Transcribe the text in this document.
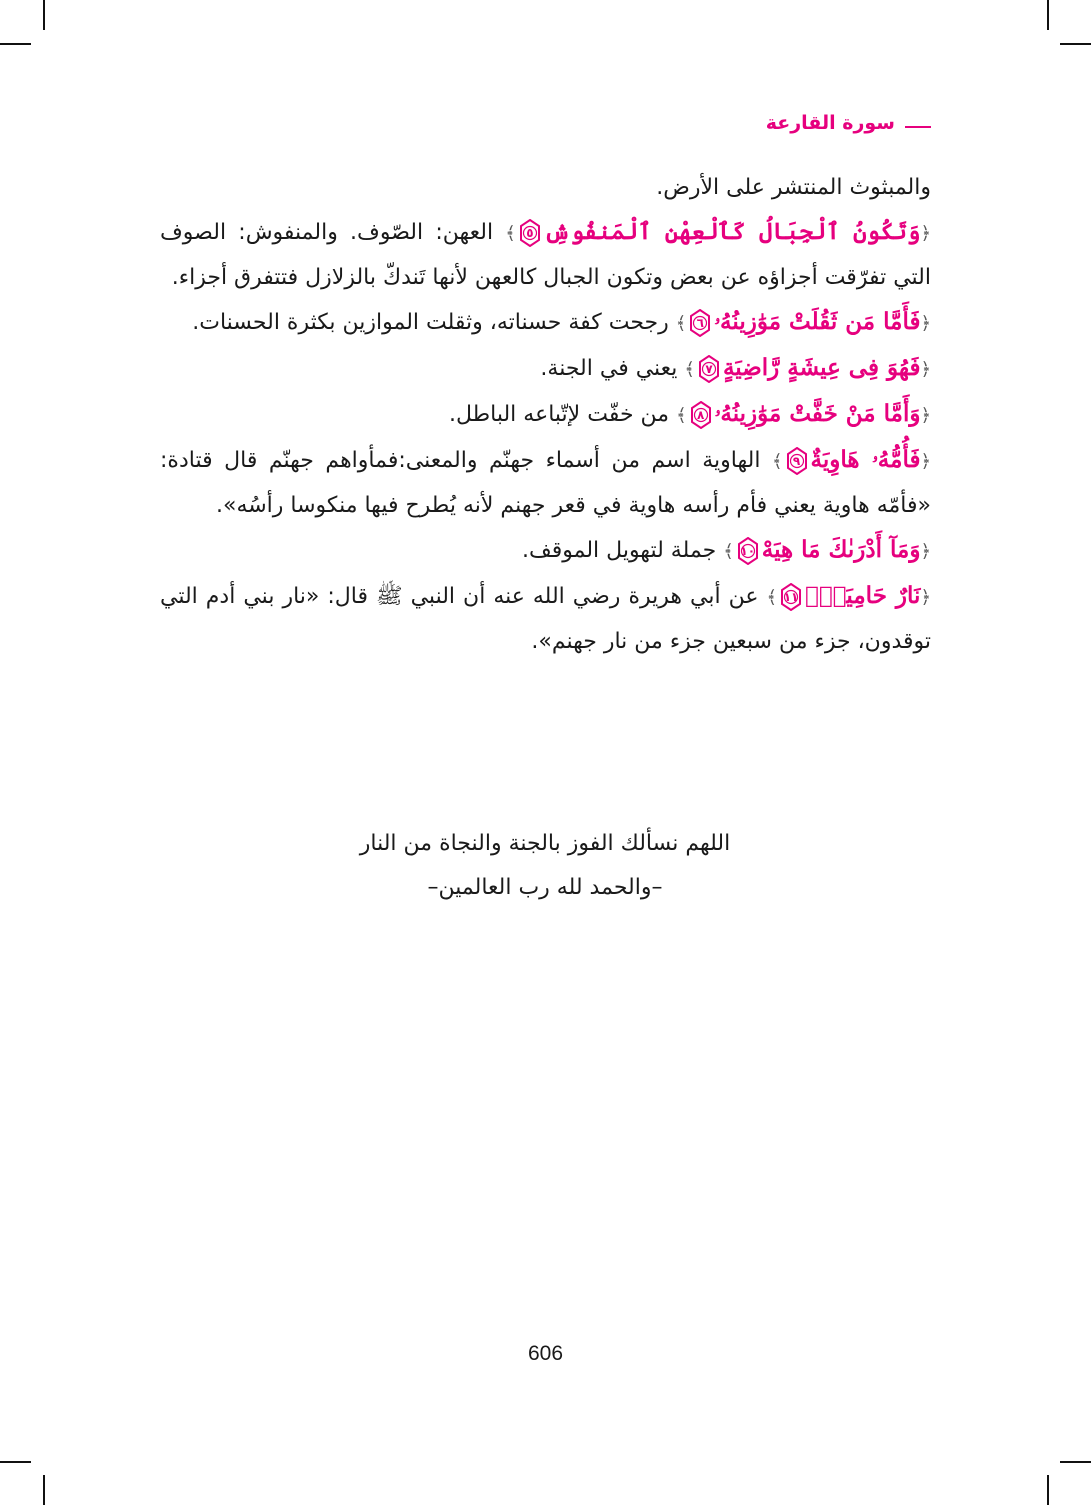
سورة القارعة

والمبثوث المنتشر على الأرض.

﴿وَتَكُونُ ٱلْجِبَالُ كَٱلْعِهْنِ ٱلْمَنفُوشِ
٥
﴾ العهن: الصّوف. والمنفوش: الصوف التي تفرّقت أجزاؤه عن بعض وتكون الجبال كالعهن لأنها تَندكّ بالزلازل فتتفرق أجزاء.

﴿فَأَمَّا مَن ثَقُلَتْ مَوَٰزِينُهُۥ
٦
﴾ رجحت كفة حسناته، وثقلت الموازين بكثرة الحسنات.

﴿فَهُوَ فِى عِيشَةٍ رَّاضِيَةٍ
٧
﴾ يعني في الجنة.

﴿وَأَمَّا مَنْ خَفَّتْ مَوَٰزِينُهُۥ
٨
﴾ من خفّت لإتّباعه الباطل.

﴿فَأُمُّهُۥ هَاوِيَةٌ
٩
﴾ الهاوية اسم من أسماء جهنّم والمعنى:فمأواهم جهنّم قال قتادة: «فأمّه هاوية يعني فأم رأسه هاوية في قعر جهنم لأنه يُطرح فيها منكوسا رأسُه».

﴿وَمَآ أَدْرَىٰكَ مَا هِيَهْ
١٠
﴾ جملة لتهويل الموقف.

﴿نَارٌ حَامِيَةٌۢ
١١
﴾ عن أبي هريرة رضي الله عنه أن النبي ﷺ قال: «نار بني أدم التي توقدون، جزء من سبعين جزء من نار جهنم».

اللهم نسألك الفوز بالجنة والنجاة من النار

–والحمد لله رب العالمين–

606
